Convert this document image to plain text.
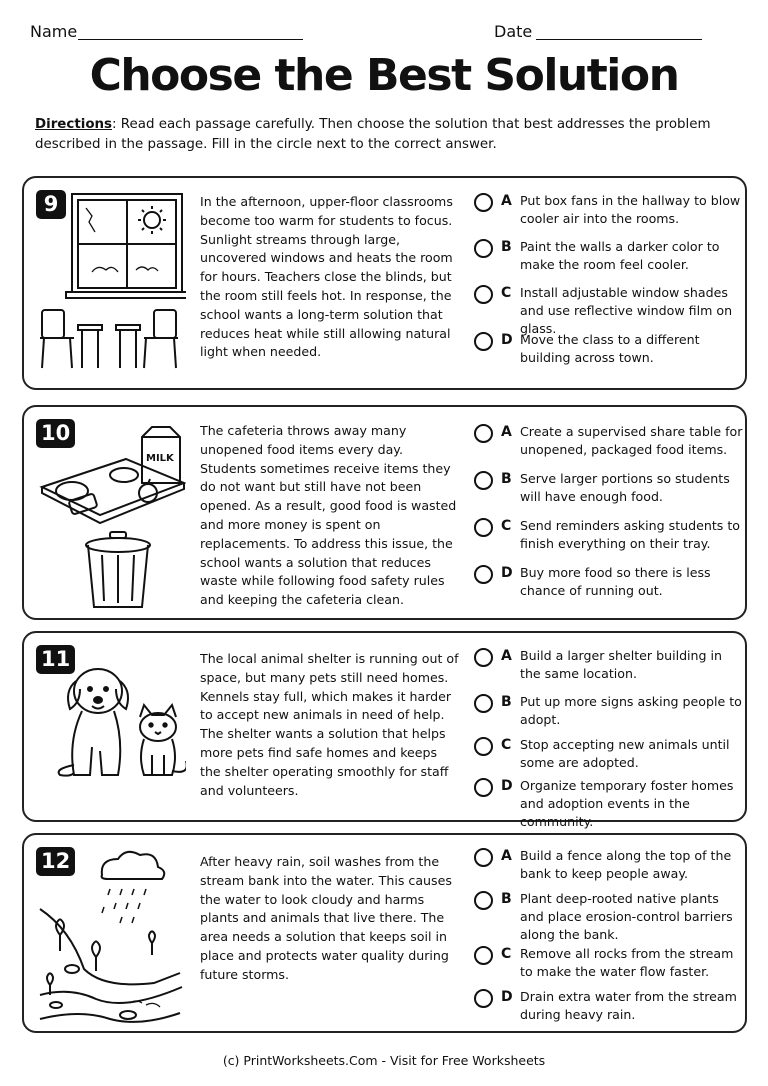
Name	Date
Choose the Best Solution
Directions: Read each passage carefully. Then choose the solution that best addresses the problem described in the passage. Fill in the circle next to the correct answer.
9	In the afternoon, upper-floor classrooms become too warm for students to focus. Sunlight streams through large, uncovered windows and heats the room for hours. Teachers close the blinds, but the room still feels hot. In response, the school wants a long-term solution that reduces heat while still allowing natural light when needed.
A Put box fans in the hallway to blow cooler air into the rooms.
B Paint the walls a darker color to make the room feel cooler.
C Install adjustable window shades and use reflective window film on glass.
D Move the class to a different building across town.
MILK
10	The cafeteria throws away many unopened food items every day. Students sometimes receive items they do not want but still have not been opened. As a result, good food is wasted and more money is spent on replacements. To address this issue, the school wants a solution that reduces waste while following food safety rules and keeping the cafeteria clean.
A Create a supervised share table for unopened, packaged food items.
B Serve larger portions so students will have enough food.
C Send reminders asking students to finish everything on their tray.
D Buy more food so there is less chance of running out.
11	The local animal shelter is running out of space, but many pets still need homes. Kennels stay full, which makes it harder to accept new animals in need of help. The shelter wants a solution that helps more pets find safe homes and keeps the shelter operating smoothly for staff and volunteers.
A Build a larger shelter building in the same location.
B Put up more signs asking people to adopt.
C Stop accepting new animals until some are adopted.
D Organize temporary foster homes and adoption events in the community.
12	After heavy rain, soil washes from the stream bank into the water. This causes the water to look cloudy and harms plants and animals that live there. The area needs a solution that keeps soil in place and protects water quality during future storms.
A Build a fence along the top of the bank to keep people away.
B Plant deep-rooted native plants and place erosion-control barriers along the bank.
C Remove all rocks from the stream to make the water flow faster.
D Drain extra water from the stream during heavy rain.
(c) PrintWorksheets.Com - Visit for Free Worksheets
